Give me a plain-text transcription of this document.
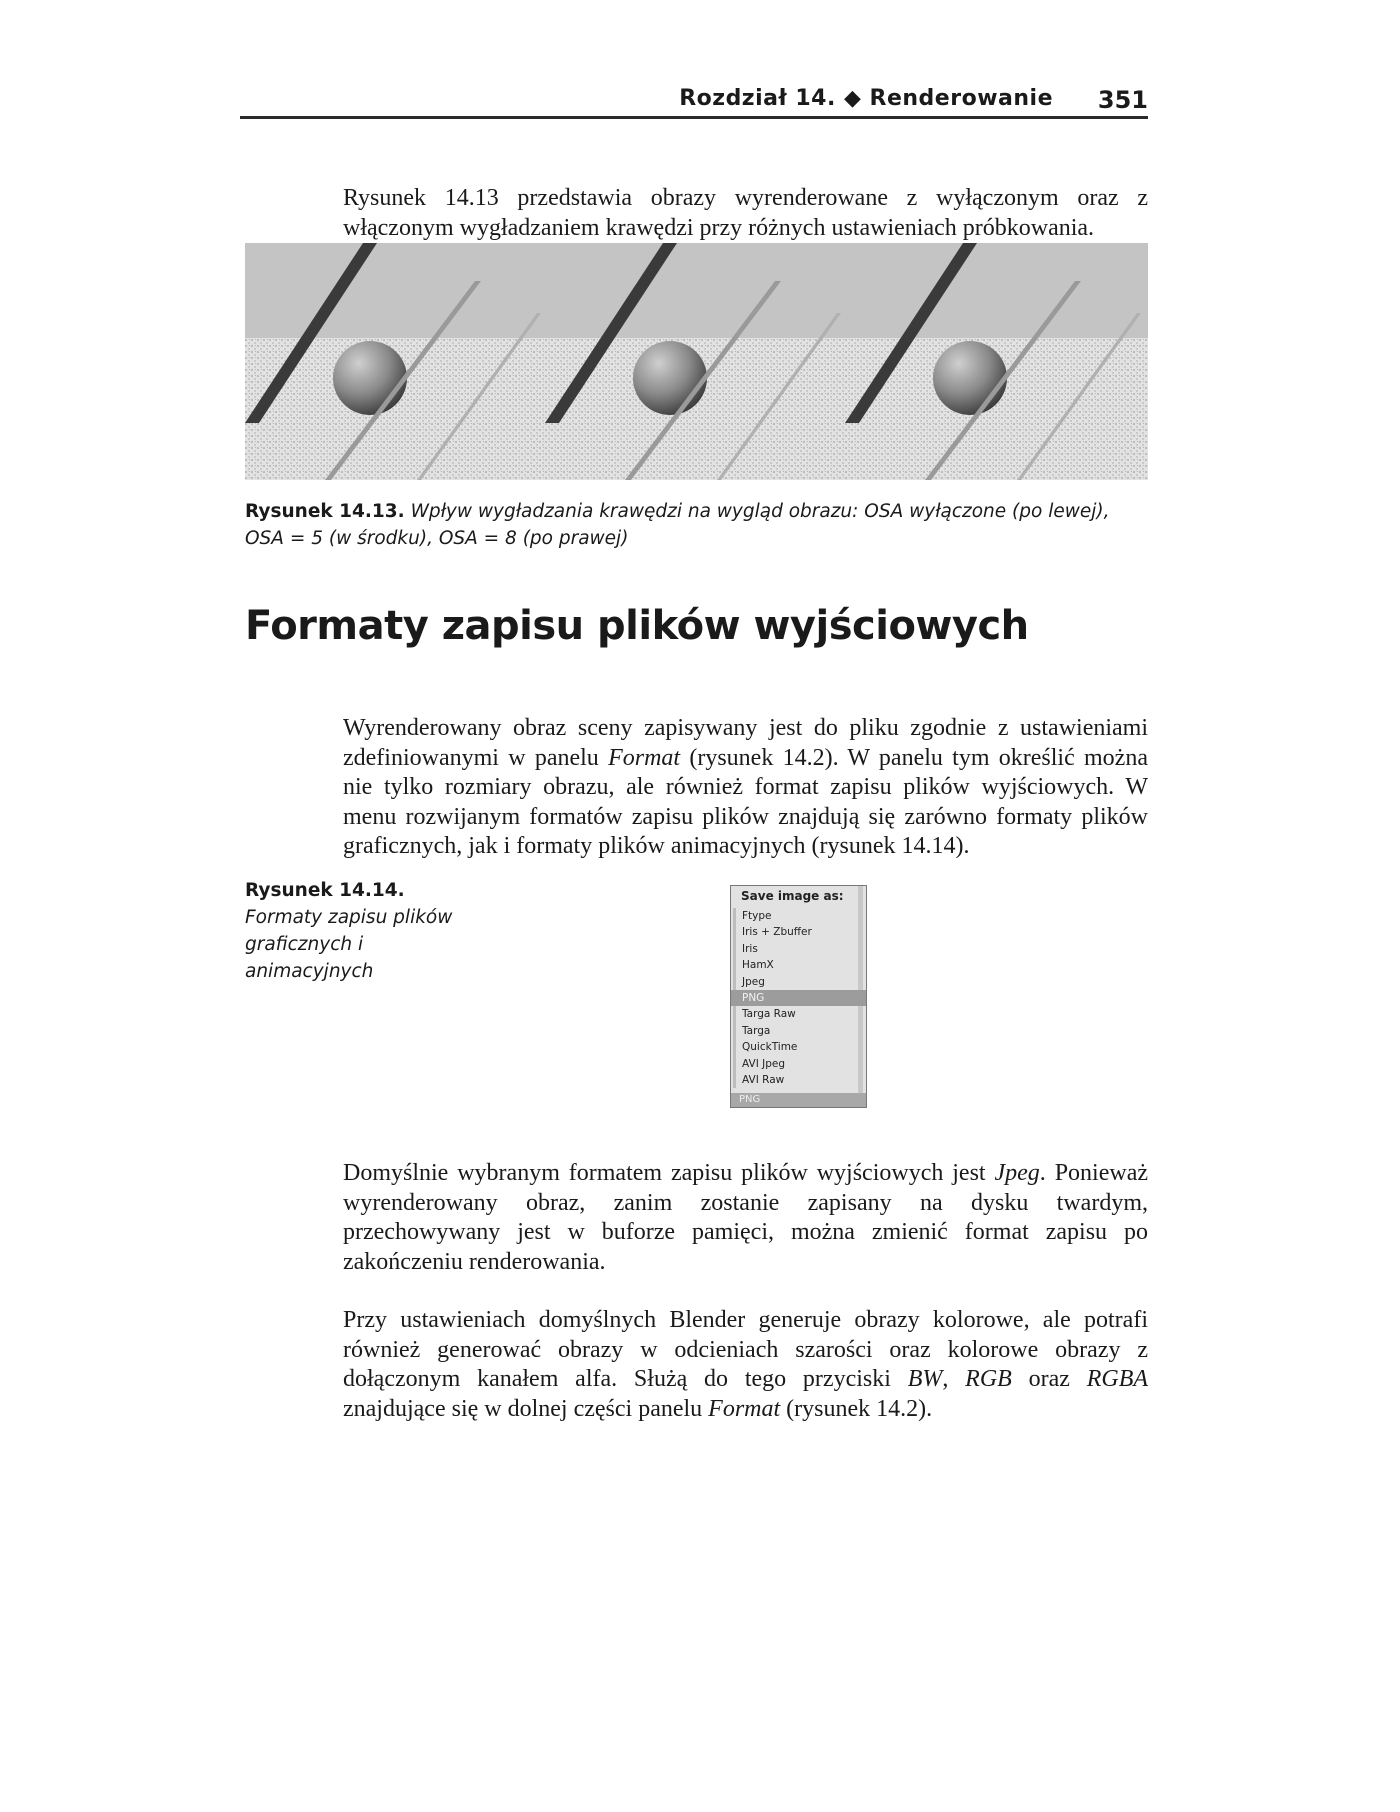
Rozdział 14. ◆ Renderowanie 351

Rysunek 14.13 przedstawia obrazy wyrenderowane z wyłączonym oraz z włączonym wygładzaniem krawędzi przy różnych ustawieniach próbkowania.

Rysunek 14.13. Wpływ wygładzania krawędzi na wygląd obrazu: OSA wyłączone (po lewej), OSA = 5 (w środku), OSA = 8 (po prawej)
Formaty zapisu plików wyjściowych

Wyrenderowany obraz sceny zapisywany jest do pliku zgodnie z ustawieniami zdefiniowanymi w panelu Format (rysunek 14.2). W panelu tym określić można nie tylko rozmiary obrazu, ale również format zapisu plików wyjściowych. W menu rozwijanym formatów zapisu plików znajdują się zarówno formaty plików graficznych, jak i formaty plików animacyjnych (rysunek 14.14).

Rysunek 14.14.
Formaty zapisu plików graficznych i animacyjnych
Save image as:
Ftype
Iris + Zbuffer
Iris
HamX
Jpeg
PNG
Targa Raw
Targa
QuickTime
AVI Jpeg
AVI Raw
PNG

Domyślnie wybranym formatem zapisu plików wyjściowych jest Jpeg. Ponieważ wyrenderowany obraz, zanim zostanie zapisany na dysku twardym, przechowywany jest w buforze pamięci, można zmienić format zapisu po zakończeniu renderowania.

Przy ustawieniach domyślnych Blender generuje obrazy kolorowe, ale potrafi również generować obrazy w odcieniach szarości oraz kolorowe obrazy z dołączonym kanałem alfa. Służą do tego przyciski BW, RGB oraz RGBA znajdujące się w dolnej części panelu Format (rysunek 14.2).
